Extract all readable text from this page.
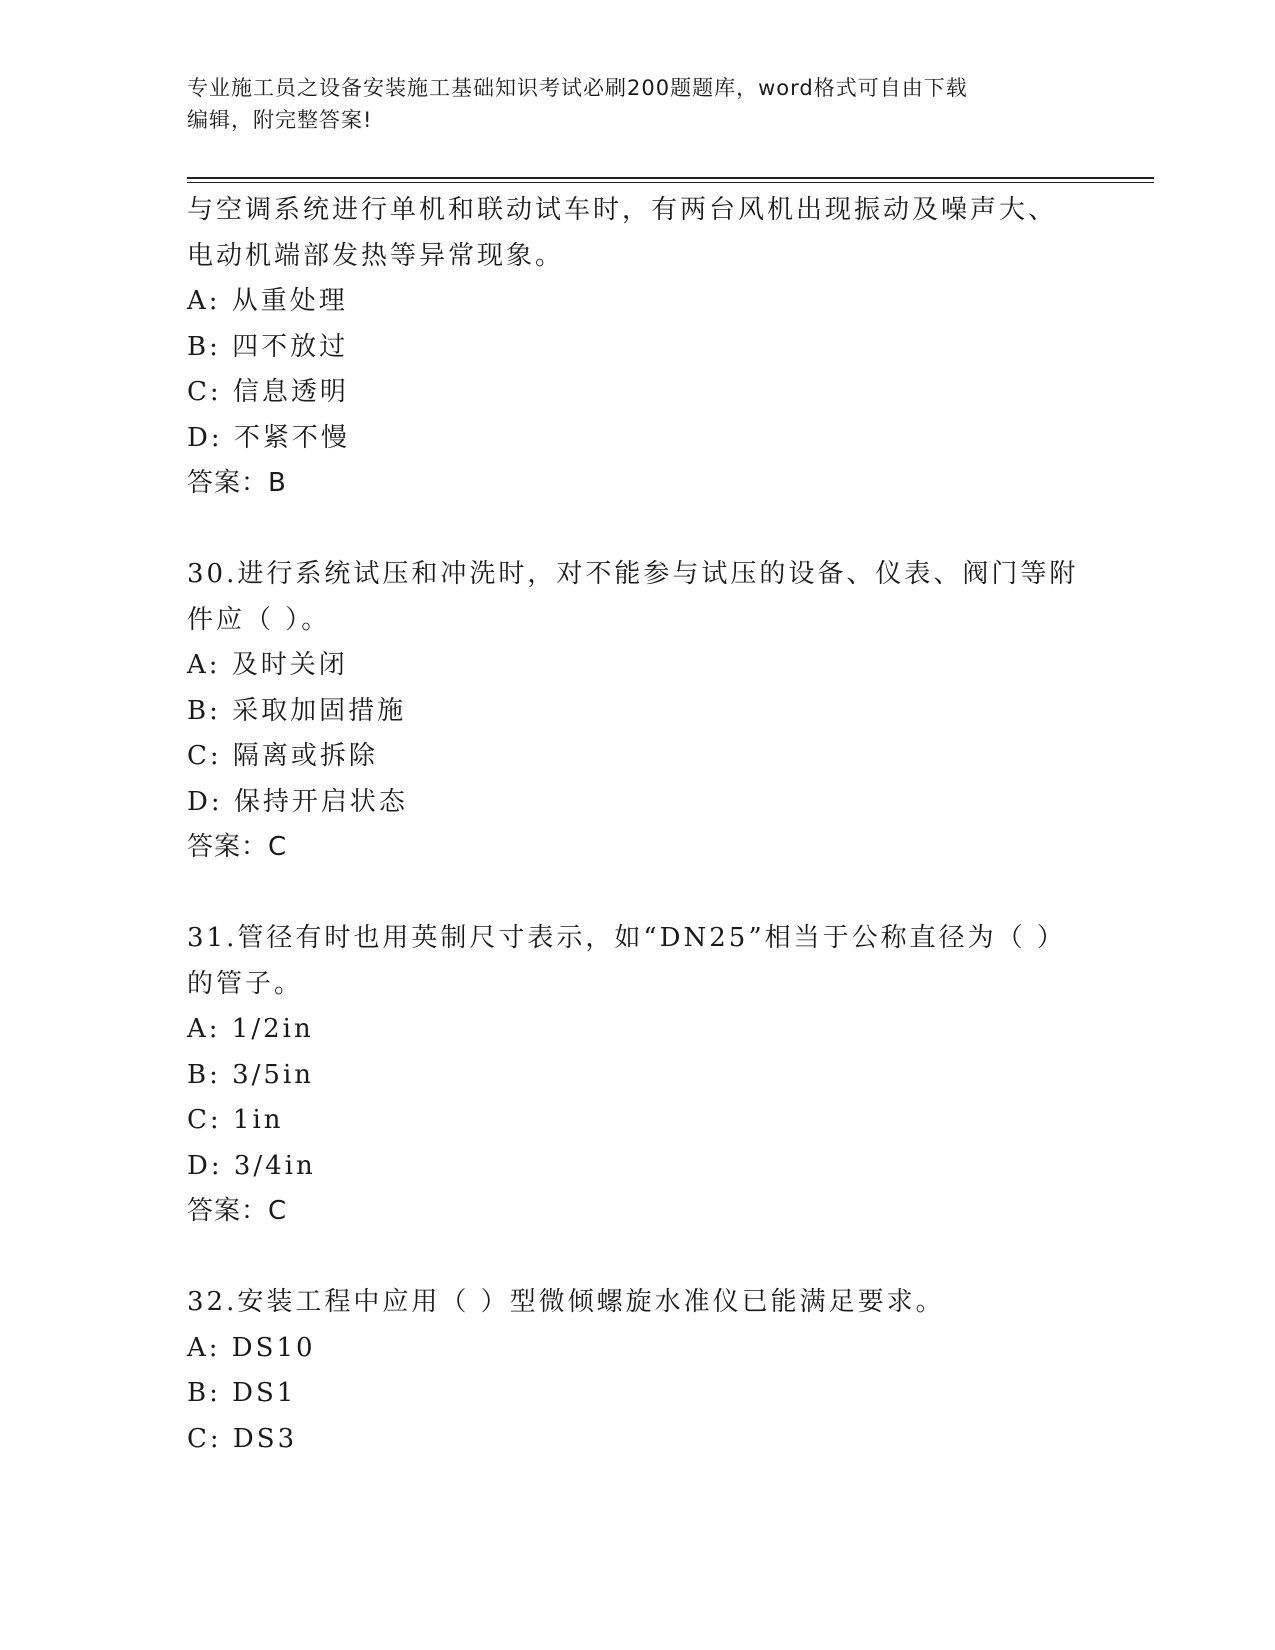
专业施工员之设备安装施工基础知识考试必刷200题题库，word格式可自由下载
编辑，附完整答案!
与空调系统进行单机和联动试车时，有两台风机出现振动及噪声大、
电动机端部发热等异常现象。
A: 从重处理
B: 四不放过
C: 信息透明
D: 不紧不慢
答案：B
30.进行系统试压和冲洗时，对不能参与试压的设备、仪表、阀门等附
件应（ ）。
A: 及时关闭
B: 采取加固措施
C: 隔离或拆除
D: 保持开启状态
答案：C
31.管径有时也用英制尺寸表示，如“DN25”相当于公称直径为（ ）
的管子。
A: 1/2in
B: 3/5in
C: 1in
D: 3/4in
答案：C
32.安装工程中应用（ ）型微倾螺旋水准仪已能满足要求。
A: DS10
B: DS1
C: DS3
